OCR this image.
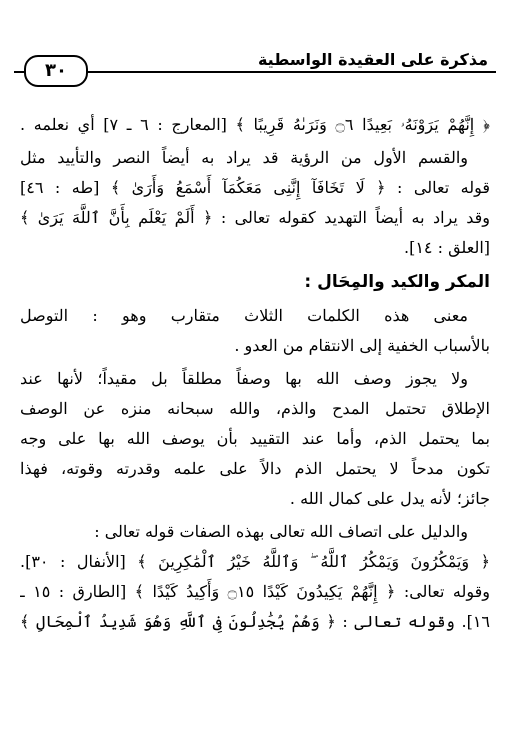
مذكرة على العقيدة الواسطية
٣٠
﴿ إِنَّهُمْ يَرَوْنَهُۥ بَعِيدًا ۝٦ وَنَرَىٰهُ قَرِيبًا ﴾ [المعارج : ٦ ـ ٧] أي نعلمه .
والقسم الأول من الرؤية قد يراد به أيضاً النصر والتأييد مثل
قوله تعالى : ﴿ لَا تَخَافَآ إِنَّنِى مَعَكُمَآ أَسْمَعُ وَأَرَىٰ ﴾ [طه : ٤٦]
وقد يراد به أيضاً التهديد كقوله تعالى : ﴿ أَلَمْ يَعْلَم بِأَنَّ ٱللَّهَ يَرَىٰ ﴾
[العلق : ١٤].
المكر والكيد والمِحَال :
معنى هذه الكلمات الثلاث متقارب وهو : التوصل
بالأسباب الخفية إلى الانتقام من العدو .
ولا يجوز وصف الله بها وصفاً مطلقاً بل مقيداً؛ لأنها عند
الإطلاق تحتمل المدح والذم، والله سبحانه منزه عن الوصف
بما يحتمل الذم، وأما عند التقييد بأن يوصف الله بها على وجه
تكون مدحاً لا يحتمل الذم دالاً على علمه وقدرته وقوته، فهذا
جائز؛ لأنه يدل على كمال الله .
والدليل على اتصاف الله تعالى بهذه الصفات قوله تعالى :
﴿ وَيَمْكُرُونَ وَيَمْكُرُ ٱللَّهُ ۖ وَٱللَّهُ خَيْرُ ٱلْمَٰكِرِينَ ﴾ [الأنفال : ٣٠].
وقوله تعالى: ﴿ إِنَّهُمْ يَكِيدُونَ كَيْدًا ۝١٥ وَأَكِيدُ كَيْدًا ﴾ [الطارق : ١٥ ـ
١٦]. وقوله تعالى : ﴿ وَهُمْ يُجَٰدِلُونَ فِى ٱللَّهِ وَهُوَ شَدِيدُ ٱلْمِحَالِ ﴾
